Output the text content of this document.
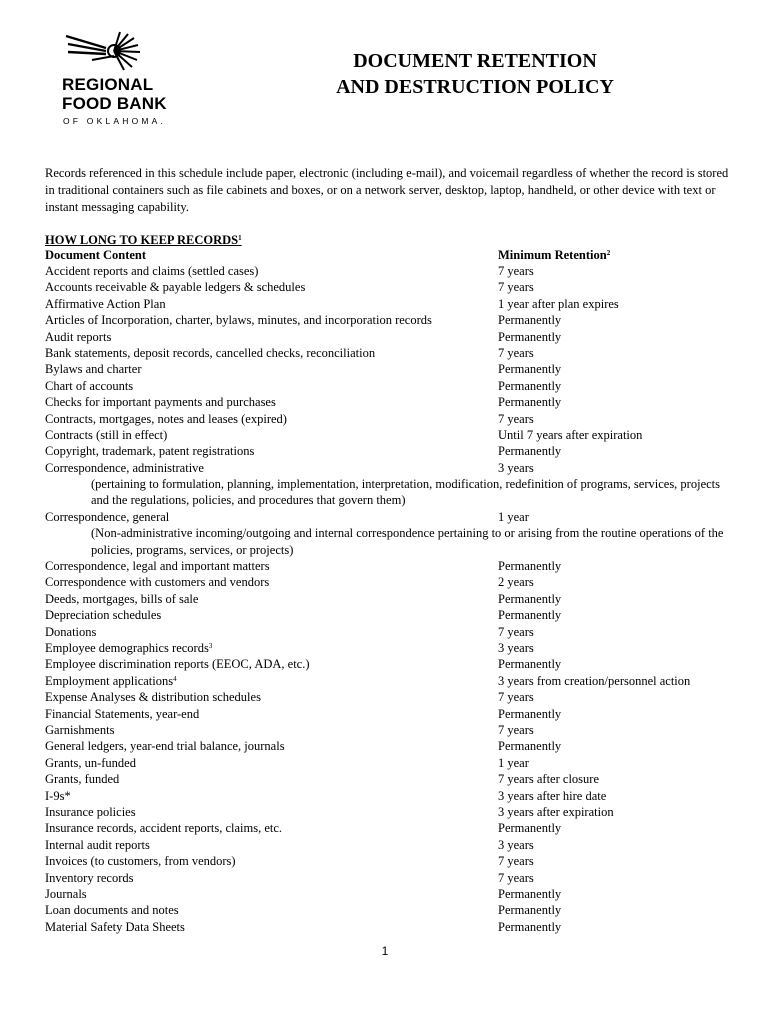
REGIONAL
FOOD BANK
OF OKLAHOMA.
DOCUMENT RETENTION
AND DESTRUCTION POLICY
Records referenced in this schedule include paper, electronic (including e-mail), and voicemail regardless of whether the record is stored in traditional containers such as file cabinets and boxes, or on a network server, desktop, laptop, handheld, or other device with text or instant messaging capability.
HOW LONG TO KEEP RECORDS$^1$
Document Content	Minimum Retention$^2$
Accident reports and claims (settled cases)	7 years
Accounts receivable & payable ledgers & schedules	7 years
Affirmative Action Plan	1 year after plan expires
Articles of Incorporation, charter, bylaws, minutes, and incorporation records	Permanently
Audit reports	Permanently
Bank statements, deposit records, cancelled checks, reconciliation	7 years
Bylaws and charter	Permanently
Chart of accounts	Permanently
Checks for important payments and purchases	Permanently
Contracts, mortgages, notes and leases (expired)	7 years
Contracts (still in effect)	Until 7 years after expiration
Copyright, trademark, patent registrations	Permanently
Correspondence, administrative	3 years
(pertaining to formulation, planning, implementation, interpretation, modification, redefinition of programs, services, projects and the regulations, policies, and procedures that govern them)
Correspondence, general	1 year
(Non-administrative incoming/outgoing and internal correspondence pertaining to or arising from the routine operations of the policies, programs, services, or projects)
Correspondence, legal and important matters	Permanently
Correspondence with customers and vendors	2 years
Deeds, mortgages, bills of sale	Permanently
Depreciation schedules	Permanently
Donations	7 years
Employee demographics records$^3$	3 years
Employee discrimination reports (EEOC, ADA, etc.)	Permanently
Employment applications$^4$	3 years from creation/personnel action
Expense Analyses & distribution schedules	7 years
Financial Statements, year-end	Permanently
Garnishments	7 years
General ledgers, year-end trial balance, journals	Permanently
Grants, un-funded	1 year
Grants, funded	7 years after closure
I-9s*	3 years after hire date
Insurance policies	3 years after expiration
Insurance records, accident reports, claims, etc.	Permanently
Internal audit reports	3 years
Invoices (to customers, from vendors)	7 years
Inventory records	7 years
Journals	Permanently
Loan documents and notes	Permanently
Material Safety Data Sheets	Permanently
1
